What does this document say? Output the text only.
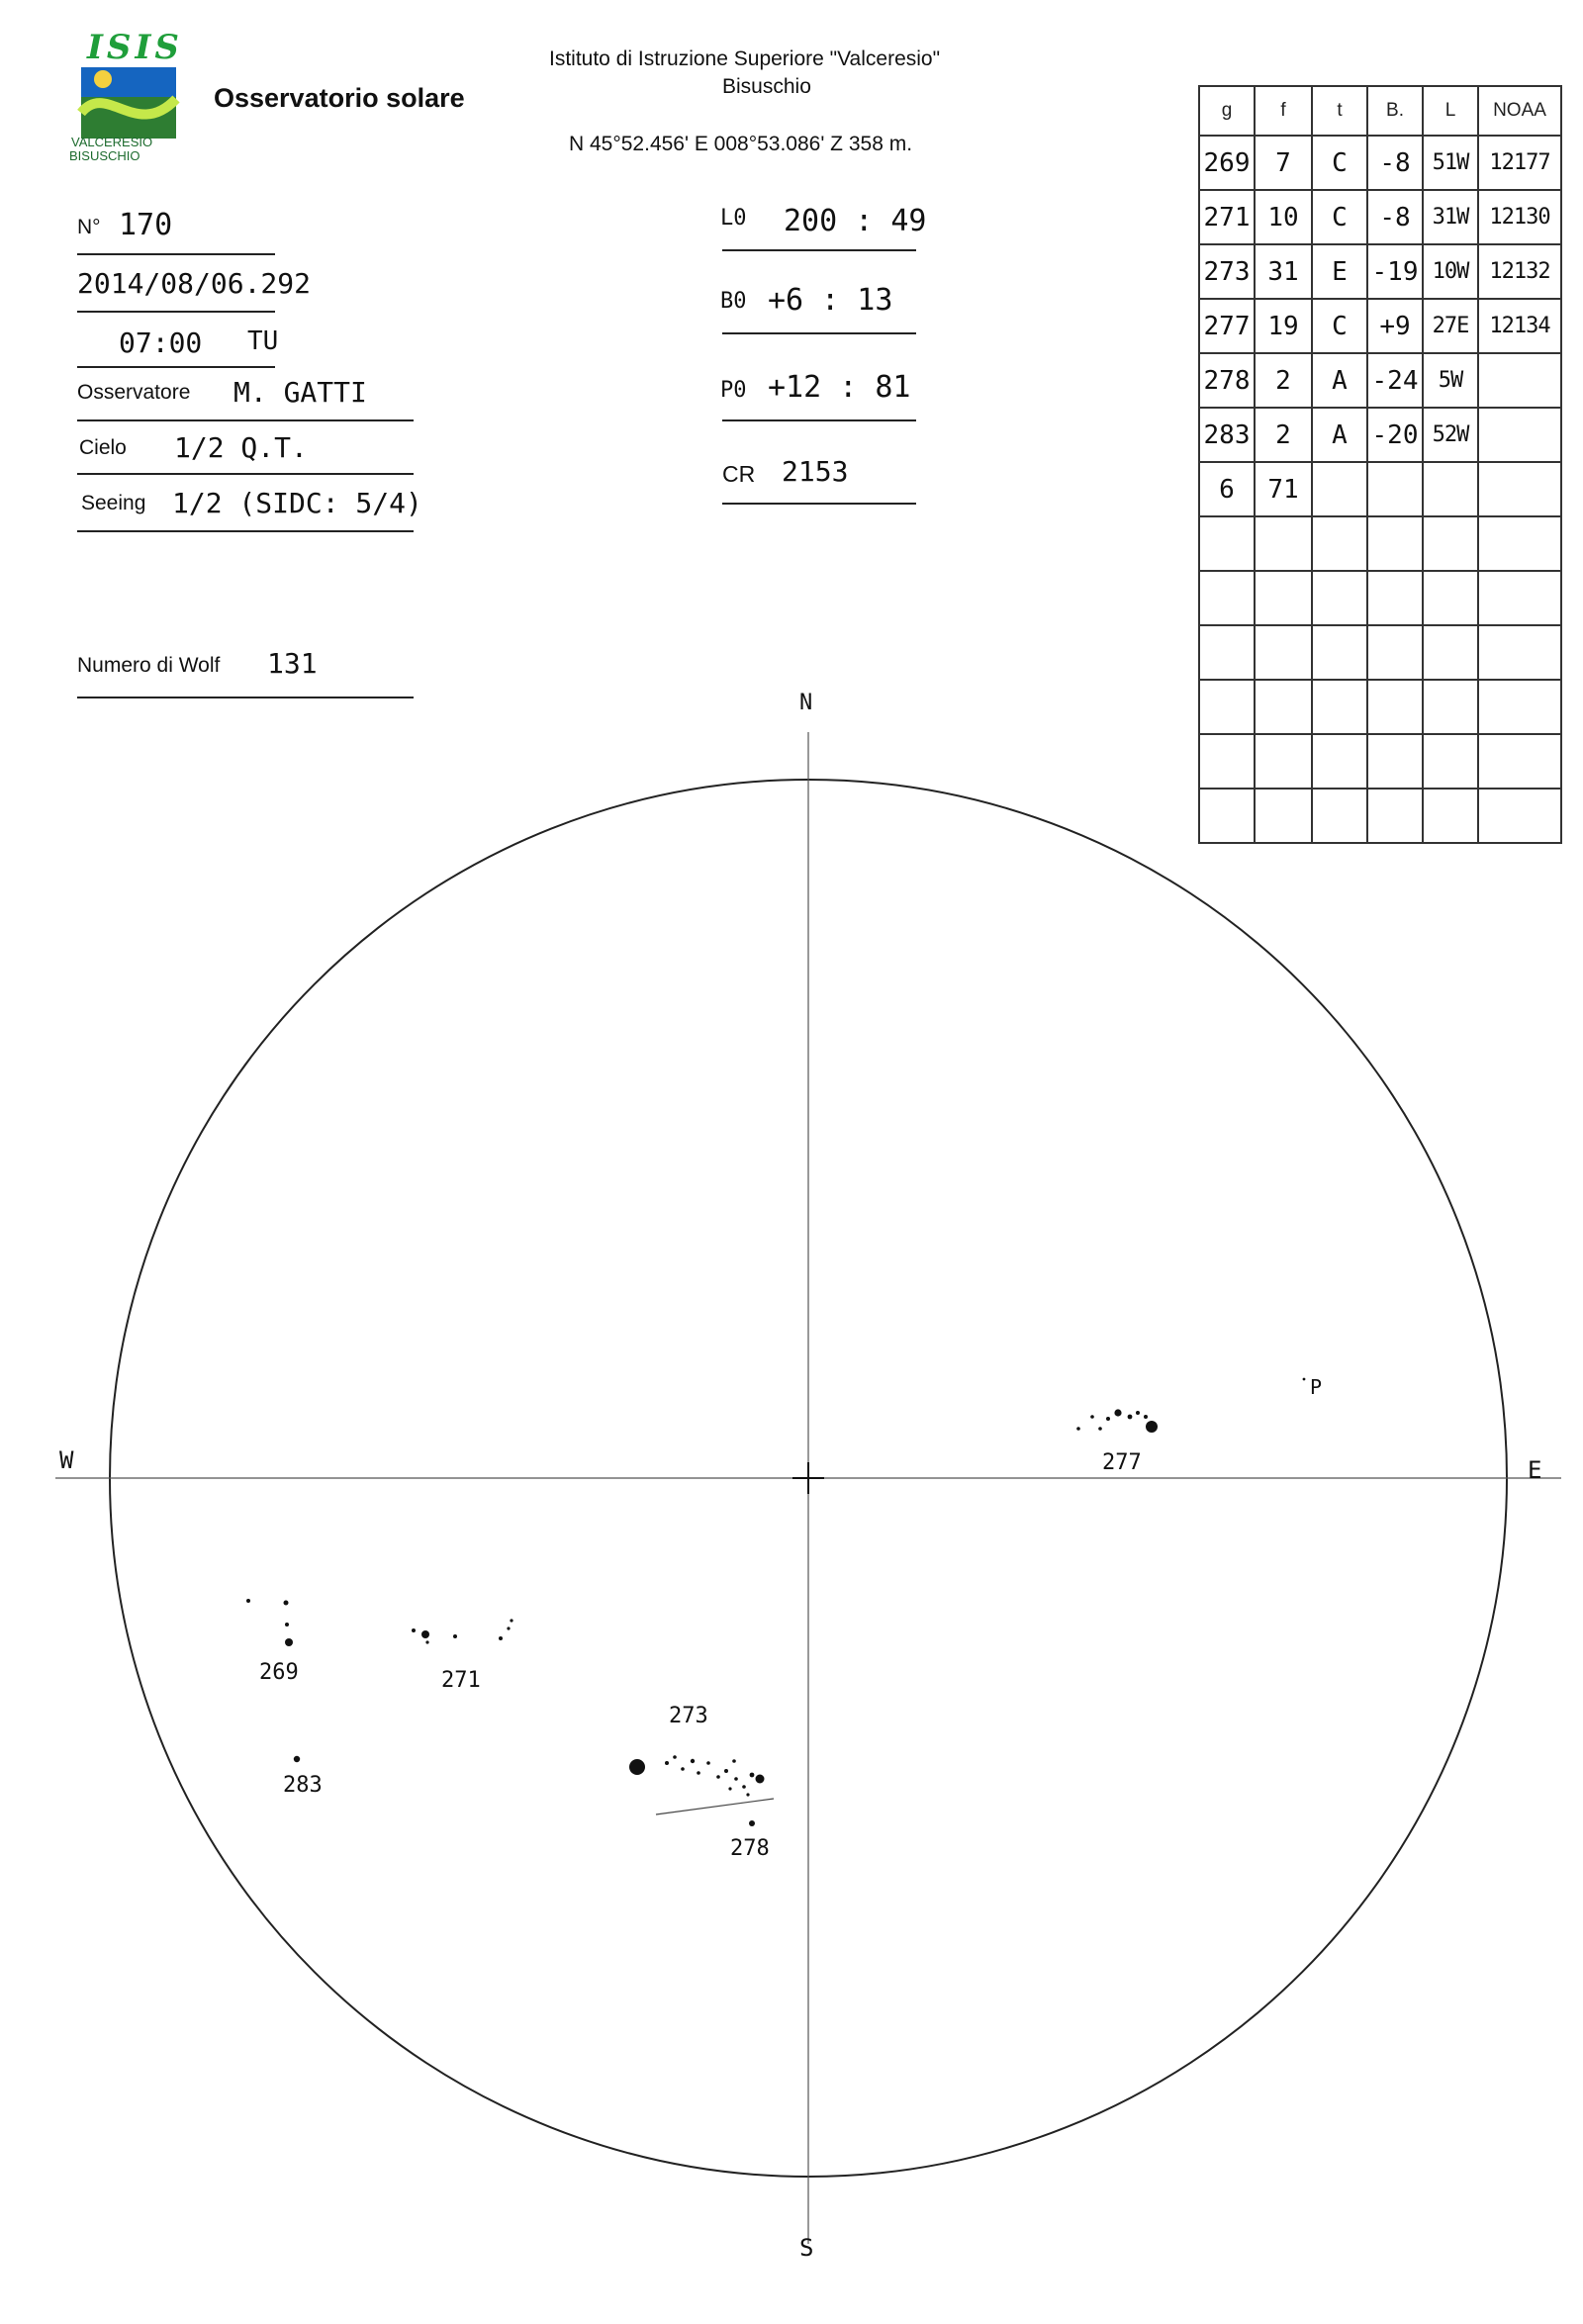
ISIS
VALCERESIO
BISUSCHIO
Osservatorio solare
Istituto di Istruzione Superiore "Valceresio"
Bisuschio
N 45°52.456' E 008°53.086' Z 358 m.
N° 170
2014/08/06.292
07:00 TU
Osservatore M. GATTI
Cielo 1/2 Q.T.
Seeing 1/2 (SIDC: 5/4)
Numero di Wolf 131
L0 200 : 49
B0 +6 : 13
P0 +12 : 81
CR 2153
g	f	t	B.	L	NOAA
269	7	C	-8	51W	12177
271	10	C	-8	31W	12130
273	31	E	-19	10W	12132
277	19	C	+9	27E	12134
278	2	A	-24	5W	
283	2	A	-20	52W	
6	71				

N
S
E
W
P
269	271
273
277
278
283
